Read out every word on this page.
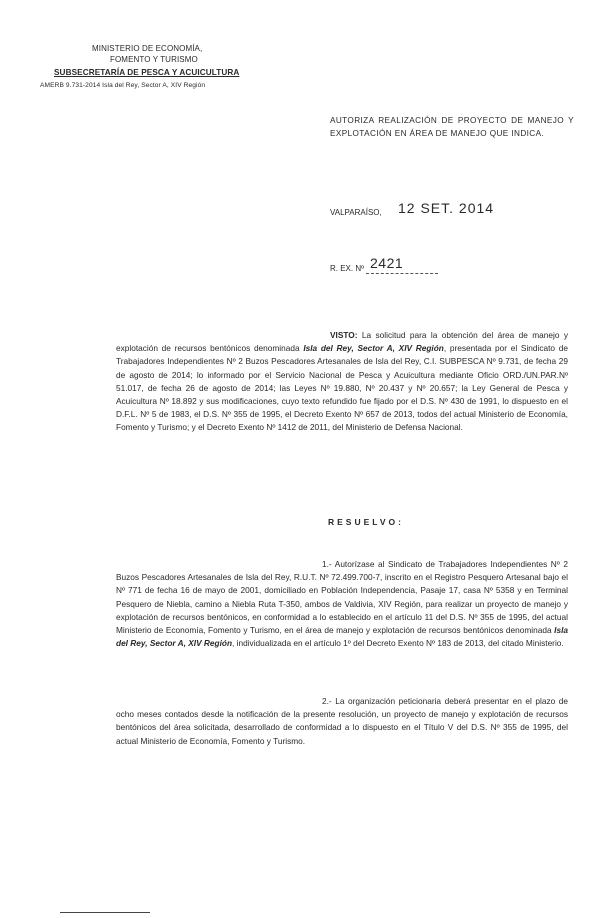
MINISTERIO DE ECONOMÍA,
FOMENTO Y TURISMO
SUBSECRETARÍA DE PESCA Y ACUICULTURA
AMERB 9.731-2014 Isla del Rey, Sector A, XIV Región
AUTORIZA REALIZACIÓN DE PROYECTO DE MANEJO Y EXPLOTACIÓN EN ÁREA DE MANEJO QUE INDICA.
VALPARAÍSO, 12 SET. 2014
R. EX. Nº 2421
VISTO: La solicitud para la obtención del área de manejo y explotación de recursos bentónicos denominada Isla del Rey, Sector A, XIV Región, presentada por el Sindicato de Trabajadores Independientes Nº 2 Buzos Pescadores Artesanales de Isla del Rey, C.I. SUBPESCA Nº 9.731, de fecha 29 de agosto de 2014; lo informado por el Servicio Nacional de Pesca y Acuicultura mediante Oficio ORD./UN.PAR.Nº 51.017, de fecha 26 de agosto de 2014; las Leyes Nº 19.880, Nº 20.437 y Nº 20.657; la Ley General de Pesca y Acuicultura Nº 18.892 y sus modificaciones, cuyo texto refundido fue fijado por el D.S. Nº 430 de 1991, lo dispuesto en el D.F.L. Nº 5 de 1983, el D.S. Nº 355 de 1995, el Decreto Exento Nº 657 de 2013, todos del actual Ministerio de Economía, Fomento y Turismo; y el Decreto Exento Nº 1412 de 2011, del Ministerio de Defensa Nacional.
RESUELVO:
1.- Autorízase al Sindicato de Trabajadores Independientes Nº 2 Buzos Pescadores Artesanales de Isla del Rey, R.U.T. Nº 72.499.700-7, inscrito en el Registro Pesquero Artesanal bajo el Nº 771 de fecha 16 de mayo de 2001, domiciliado en Población Independencia, Pasaje 17, casa Nº 5358 y en Terminal Pesquero de Niebla, camino a Niebla Ruta T-350, ambos de Valdivia, XIV Región, para realizar un proyecto de manejo y explotación de recursos bentónicos, en conformidad a lo establecido en el artículo 11 del D.S. Nº 355 de 1995, del actual Ministerio de Economía, Fomento y Turismo, en el área de manejo y explotación de recursos bentónicos denominada Isla del Rey, Sector A, XIV Región, individualizada en el artículo 1º del Decreto Exento Nº 183 de 2013, del citado Ministerio.
2.- La organización peticionaria deberá presentar en el plazo de ocho meses contados desde la notificación de la presente resolución, un proyecto de manejo y explotación de recursos bentónicos del área solicitada, desarrollado de conformidad a lo dispuesto en el Título V del D.S. Nº 355 de 1995, del actual Ministerio de Economía, Fomento y Turismo.
